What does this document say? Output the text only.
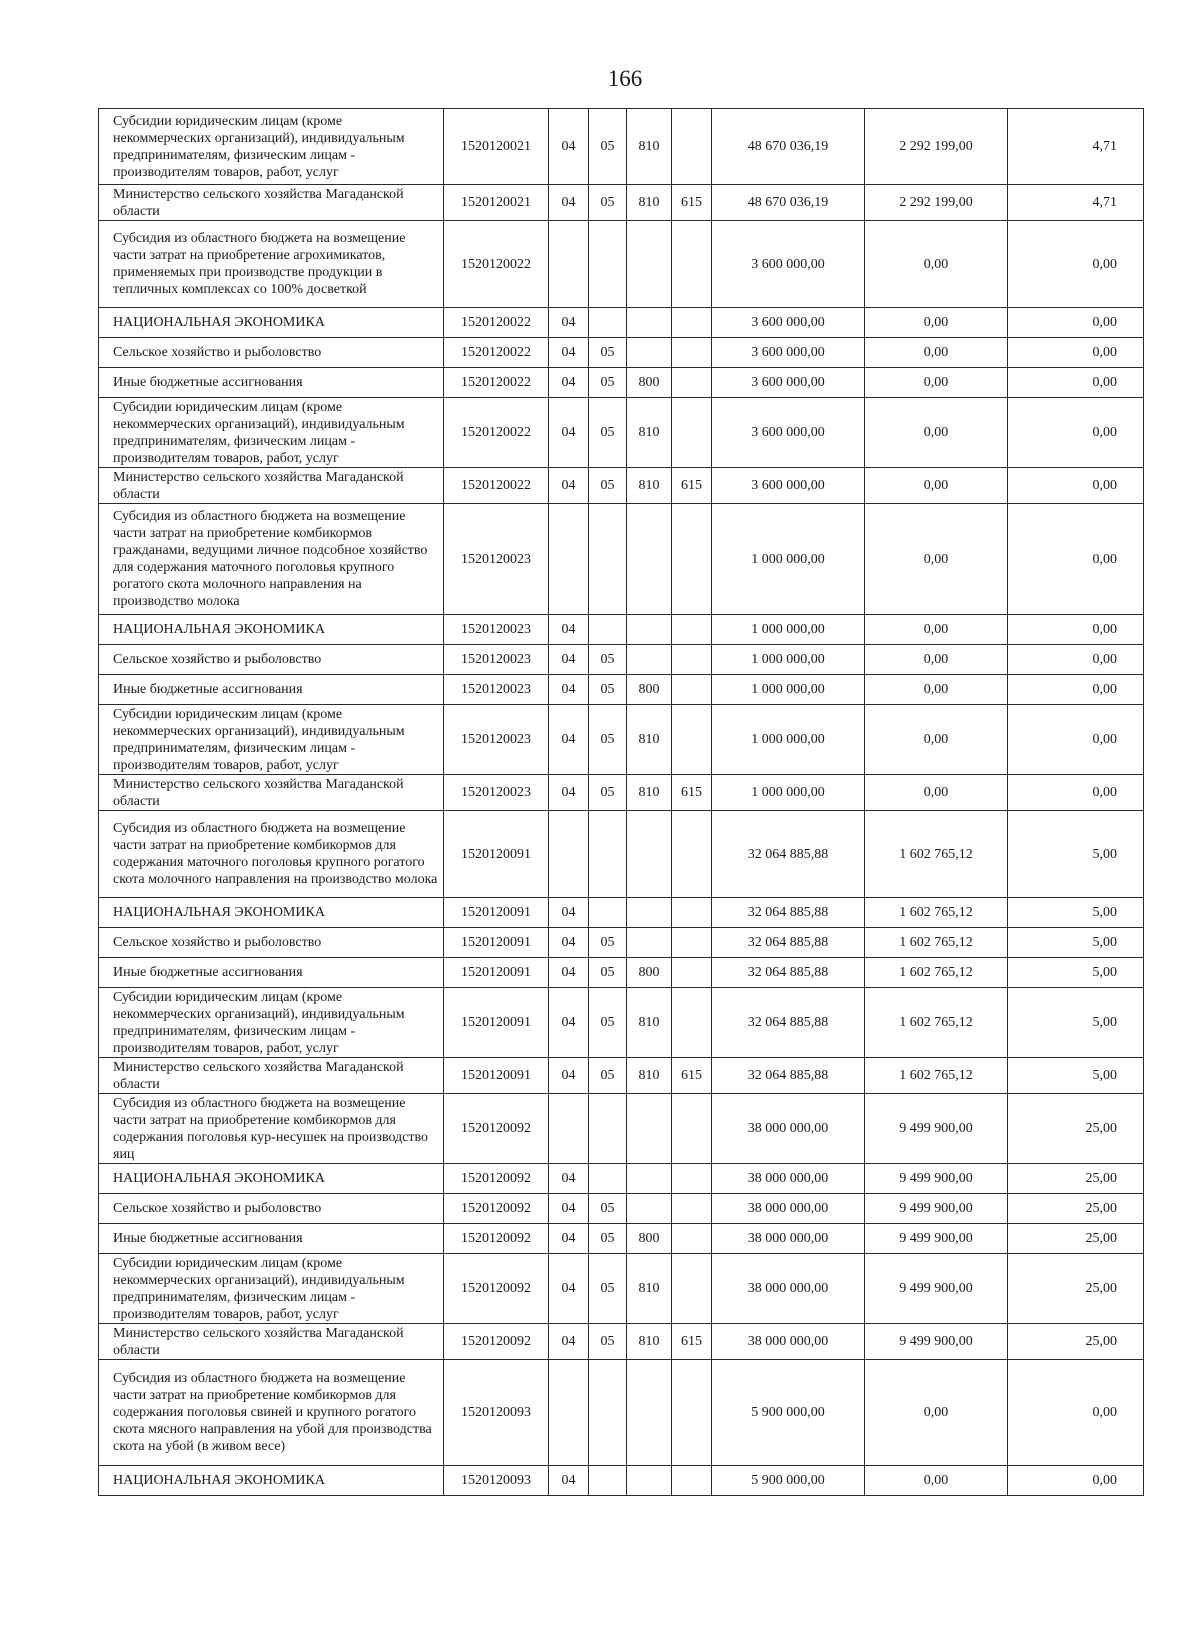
166
Субсидии юридическим лицам (кроме некоммерческих организаций), индивидуальным предпринимателям, физическим лицам - производителям товаров, работ, услуг	1520120021	04	05	810		48 670 036,19	2 292 199,00	4,71
Министерство сельского хозяйства Магаданской области	1520120021	04	05	810	615	48 670 036,19	2 292 199,00	4,71
Субсидия из областного бюджета на возмещение части затрат на приобретение агрохимикатов, применяемых при производстве продукции в тепличных комплексах со 100% досветкой	1520120022					3 600 000,00	0,00	0,00
НАЦИОНАЛЬНАЯ ЭКОНОМИКА	1520120022	04				3 600 000,00	0,00	0,00
Сельское хозяйство и рыболовство	1520120022	04	05			3 600 000,00	0,00	0,00
Иные бюджетные ассигнования	1520120022	04	05	800		3 600 000,00	0,00	0,00
Субсидии юридическим лицам (кроме некоммерческих организаций), индивидуальным предпринимателям, физическим лицам - производителям товаров, работ, услуг	1520120022	04	05	810		3 600 000,00	0,00	0,00
Министерство сельского хозяйства Магаданской области	1520120022	04	05	810	615	3 600 000,00	0,00	0,00
Субсидия из областного бюджета на возмещение части затрат на приобретение комбикормов гражданами, ведущими личное подсобное хозяйство для содержания маточного поголовья крупного рогатого скота молочного направления на производство молока	1520120023					1 000 000,00	0,00	0,00
НАЦИОНАЛЬНАЯ ЭКОНОМИКА	1520120023	04				1 000 000,00	0,00	0,00
Сельское хозяйство и рыболовство	1520120023	04	05			1 000 000,00	0,00	0,00
Иные бюджетные ассигнования	1520120023	04	05	800		1 000 000,00	0,00	0,00
Субсидии юридическим лицам (кроме некоммерческих организаций), индивидуальным предпринимателям, физическим лицам - производителям товаров, работ, услуг	1520120023	04	05	810		1 000 000,00	0,00	0,00
Министерство сельского хозяйства Магаданской области	1520120023	04	05	810	615	1 000 000,00	0,00	0,00
Субсидия из областного бюджета на возмещение части затрат на приобретение комбикормов для содержания маточного поголовья крупного рогатого скота молочного направления на производство молока	1520120091					32 064 885,88	1 602 765,12	5,00
НАЦИОНАЛЬНАЯ ЭКОНОМИКА	1520120091	04				32 064 885,88	1 602 765,12	5,00
Сельское хозяйство и рыболовство	1520120091	04	05			32 064 885,88	1 602 765,12	5,00
Иные бюджетные ассигнования	1520120091	04	05	800		32 064 885,88	1 602 765,12	5,00
Субсидии юридическим лицам (кроме некоммерческих организаций), индивидуальным предпринимателям, физическим лицам - производителям товаров, работ, услуг	1520120091	04	05	810		32 064 885,88	1 602 765,12	5,00
Министерство сельского хозяйства Магаданской области	1520120091	04	05	810	615	32 064 885,88	1 602 765,12	5,00
Субсидия из областного бюджета на возмещение части затрат на приобретение комбикормов для содержания поголовья кур-несушек на производство яиц	1520120092					38 000 000,00	9 499 900,00	25,00
НАЦИОНАЛЬНАЯ ЭКОНОМИКА	1520120092	04				38 000 000,00	9 499 900,00	25,00
Сельское хозяйство и рыболовство	1520120092	04	05			38 000 000,00	9 499 900,00	25,00
Иные бюджетные ассигнования	1520120092	04	05	800		38 000 000,00	9 499 900,00	25,00
Субсидии юридическим лицам (кроме некоммерческих организаций), индивидуальным предпринимателям, физическим лицам - производителям товаров, работ, услуг	1520120092	04	05	810		38 000 000,00	9 499 900,00	25,00
Министерство сельского хозяйства Магаданской области	1520120092	04	05	810	615	38 000 000,00	9 499 900,00	25,00
Субсидия из областного бюджета на возмещение части затрат на приобретение комбикормов для содержания поголовья свиней и крупного рогатого скота мясного направления на убой для производства скота на убой (в живом весе)	1520120093					5 900 000,00	0,00	0,00
НАЦИОНАЛЬНАЯ ЭКОНОМИКА	1520120093	04				5 900 000,00	0,00	0,00
